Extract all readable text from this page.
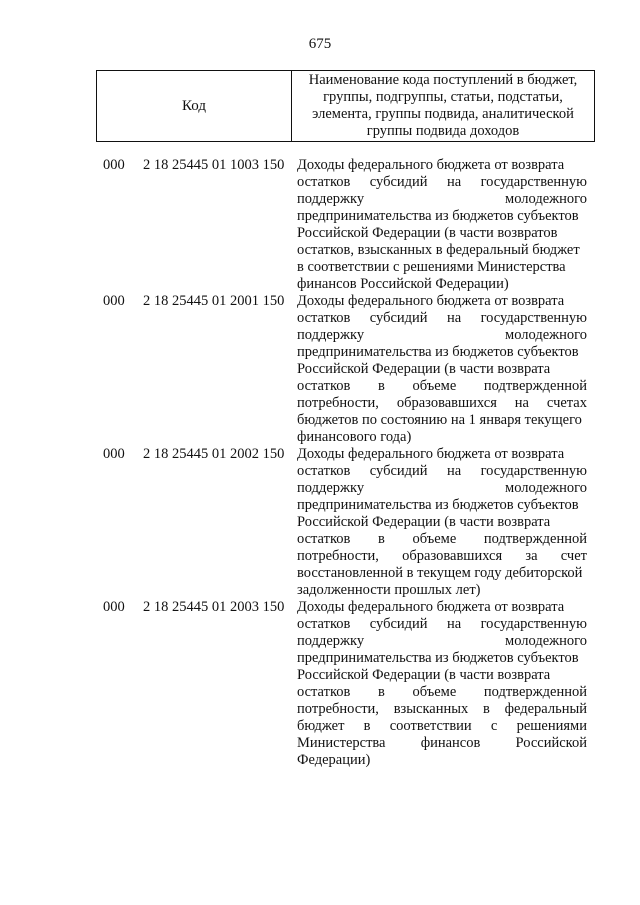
675
Код
Наименование кода поступлений в бюджет, группы, подгруппы, статьи, подстатьи, элемента, группы подвида, аналитической группы подвида доходов
000	2 18 25445 01 1003 150 Доходы федерального бюджета от возврата
остатков субсидий на государственную
поддержку	молодежного
предпринимательства из бюджетов субъектов
Российской Федерации (в части возвратов
остатков, взысканных в федеральный бюджет
в соответствии с решениями Министерства
финансов Российской Федерации)
000	2 18 25445 01 2001 150 Доходы федерального бюджета от возврата
остатков субсидий на государственную
поддержку	молодежного
предпринимательства из бюджетов субъектов
Российской Федерации (в части возврата
остатков в объеме подтвержденной
потребности, образовавшихся на счетах
бюджетов по состоянию на 1 января текущего
финансового года)
000	2 18 25445 01 2002 150 Доходы федерального бюджета от возврата
остатков субсидий на государственную
поддержку	молодежного
предпринимательства из бюджетов субъектов
Российской Федерации (в части возврата
остатков в объеме подтвержденной
потребности, образовавшихся за счет
восстановленной в текущем году дебиторской
задолженности прошлых лет)
000	2 18 25445 01 2003 150 Доходы федерального бюджета от возврата
остатков субсидий на государственную
поддержку	молодежного
предпринимательства из бюджетов субъектов
Российской Федерации (в части возврата
остатков в объеме подтвержденной
потребности, взысканных в федеральный
бюджет в соответствии с решениями
Министерства финансов Российской
Федерации)
